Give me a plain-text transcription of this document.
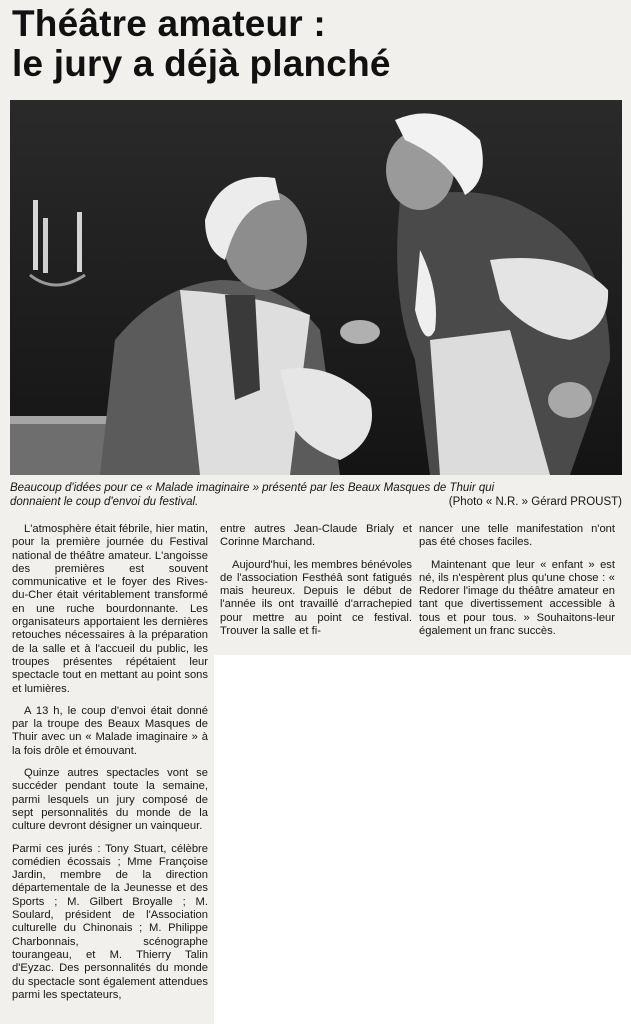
Théâtre amateur :
le jury a déjà planché
Beaucoup d'idées pour ce « Malade imaginaire » présenté par les Beaux Masques de Thuir qui
donnaient le coup d'envoi du festival.	(Photo « N.R. » Gérard PROUST)

L'atmosphère était fébrile, hier matin, pour la première journée du Festival national de théâtre amateur. L'angoisse des premières est souvent communicative et le foyer des Rives-du-Cher était véritablement transformé en une ruche bourdonnante. Les organisateurs apportaient les dernières retouches nécessaires à la préparation de la salle et à l'accueil du public, les troupes présentes répétaient leur spectacle tout en mettant au point sons et lumières.

A 13 h, le coup d'envoi était donné par la troupe des Beaux Masques de Thuir avec un « Malade imaginaire » à la fois drôle et émouvant.

Quinze autres spectacles vont se succéder pendant toute la semaine, parmi lesquels un jury composé de sept personnalités du monde de la culture devront désigner un vainqueur.

Parmi ces jurés : Tony Stuart, célèbre comédien écossais ; Mme Françoise Jardin, membre de la direction départementale de la Jeunesse et des Sports ; M. Gilbert Broyalle ; M. Soulard, président de l'Association culturelle du Chinonais ; M. Philippe Charbonnais, scénographe tourangeau, et M. Thierry Talin d'Eyzac. Des personnalités du monde du spectacle sont également attendues parmi les spectateurs,

entre autres Jean-Claude Brialy et Corinne Marchand.

Aujourd'hui, les membres bénévoles de l'association Festhéâ sont fatigués mais heureux. Depuis le début de l'année ils ont travaillé d'arrachepied pour mettre au point ce festival. Trouver la salle et fi-

nancer une telle manifestation n'ont pas été choses faciles.

Maintenant que leur « enfant » est né, ils n'espèrent plus qu'une chose : « Redorer l'image du théâtre amateur en tant que divertissement accessible à tous et pour tous. » Souhaitons-leur également un franc succès.
